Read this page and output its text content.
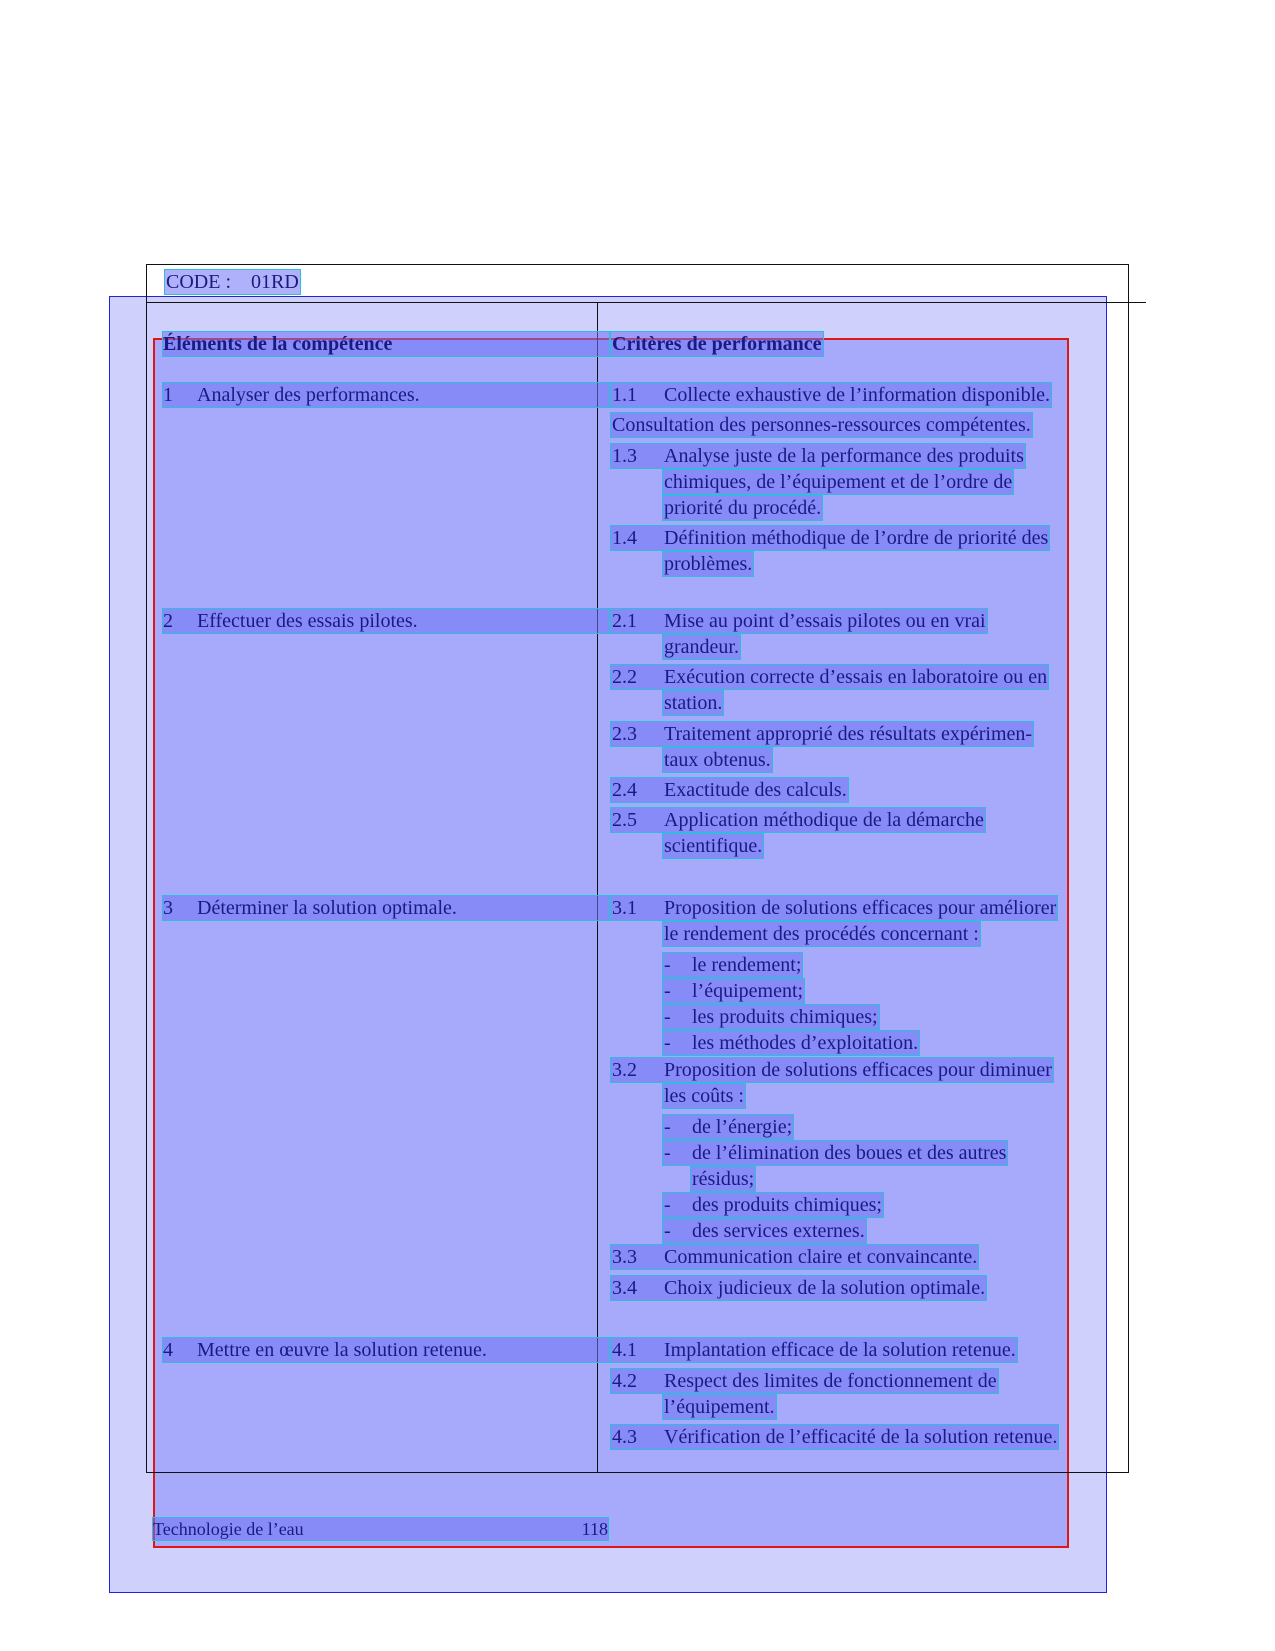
CODE : 01RD
Éléments de la compétence	Critères de performance
1 Analyser des performances.
2 Effectuer des essais pilotes.
3 Déterminer la solution optimale.
4 Mettre en œuvre la solution retenue.
1.1 Collecte exhaustive de l’information disponible.
Consultation des personnes-ressources compétentes.
1.3 Analyse juste de la performance des produits
chimiques, de l’équipement et de l’ordre de
priorité du procédé.
1.4 Définition méthodique de l’ordre de priorité des
problèmes.
2.1 Mise au point d’essais pilotes ou en vrai
grandeur.
2.2 Exécution correcte d’essais en laboratoire ou en
station.
2.3 Traitement approprié des résultats expérimen-
taux obtenus.
2.4 Exactitude des calculs.
2.5 Application méthodique de la démarche
scientifique.
3.1 Proposition de solutions efficaces pour améliorer
le rendement des procédés concernant :
- le rendement;
- l’équipement;
- les produits chimiques;
- les méthodes d’exploitation.
3.2 Proposition de solutions efficaces pour diminuer
les coûts :
- de l’énergie;
- de l’élimination des boues et des autres
résidus;
- des produits chimiques;
- des services externes.
3.3 Communication claire et convaincante.
3.4 Choix judicieux de la solution optimale.
4.1 Implantation efficace de la solution retenue.
4.2 Respect des limites de fonctionnement de
l’équipement.
4.3 Vérification de l’efficacité de la solution retenue.
Technologie de l’eau	118
